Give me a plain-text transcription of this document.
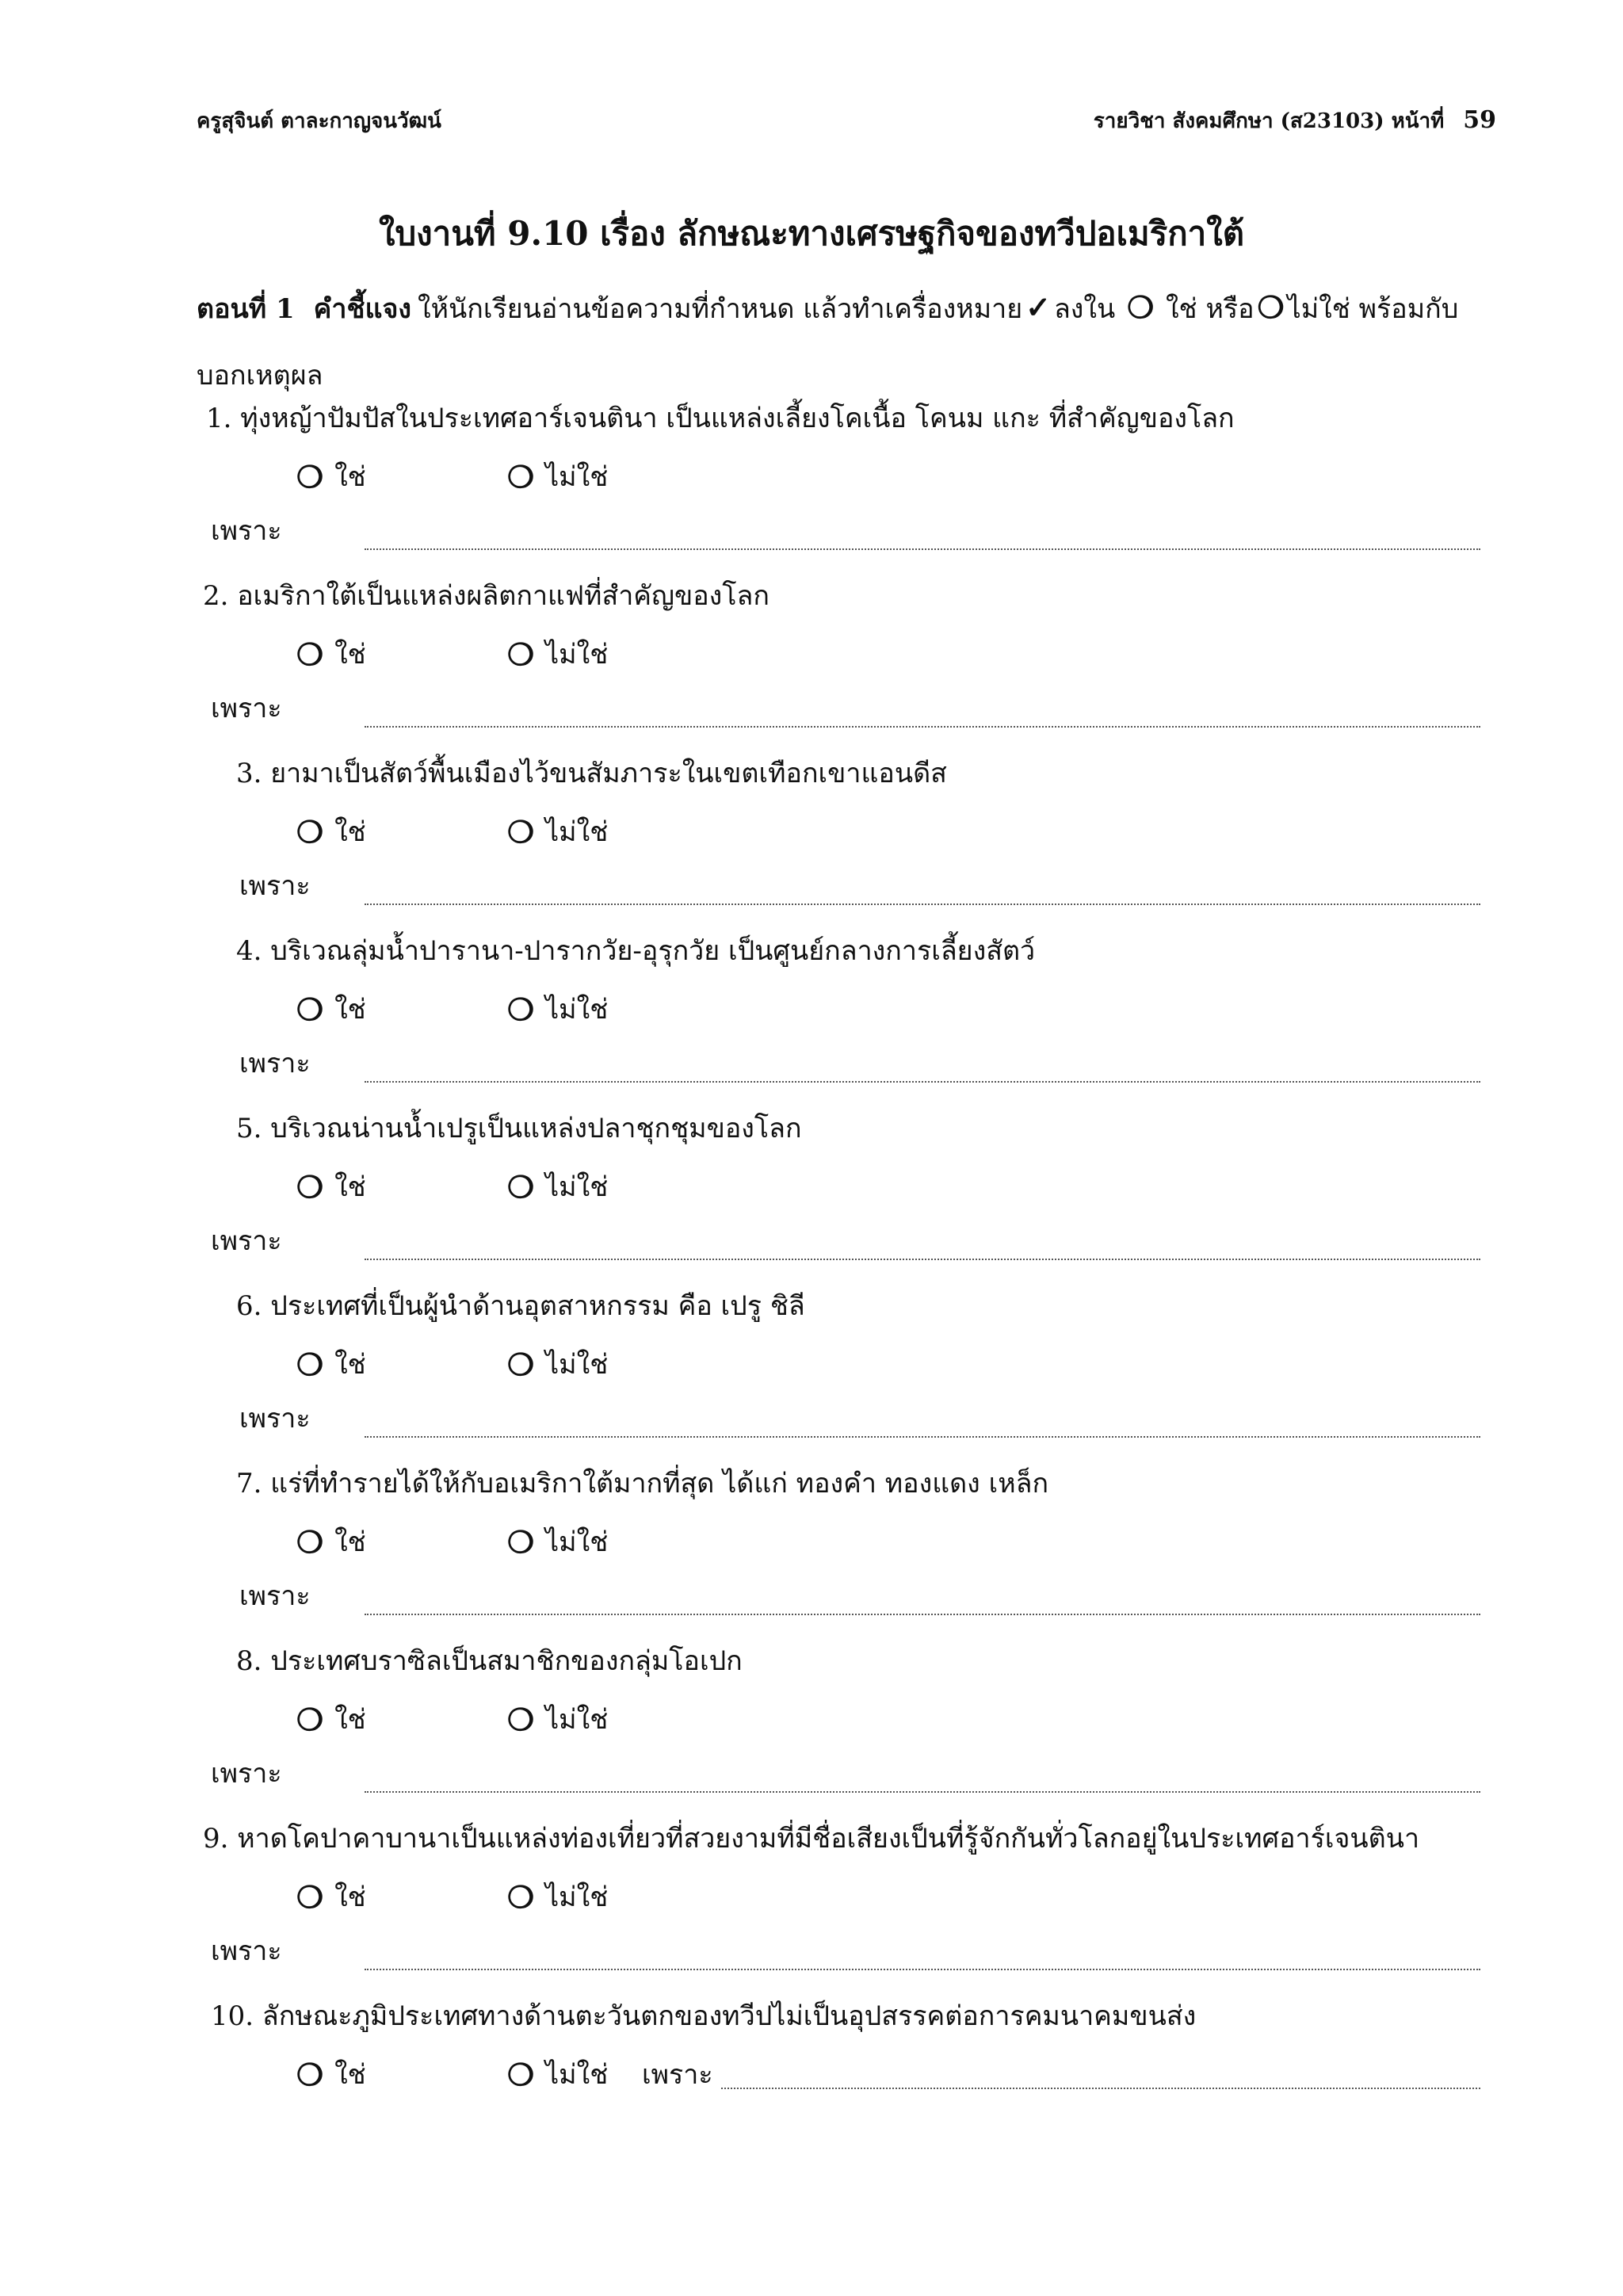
ครูสุจินต์ ตาละกาญจนวัฒน์	รายวิชา สังคมศึกษา (ส23103) หน้าที่ 59
ใบงานที่ 9.10 เรื่อง ลักษณะทางเศรษฐกิจของทวีปอเมริกาใต้
ตอนที่ 1 คำชี้แจง ให้นักเรียนอ่านข้อความที่กำหนด แล้วทำเครื่องหมาย ✓ ลงใน ❍ ใช่ หรือ ❍ ไม่ใช่ พร้อมกับบอกเหตุผล
1. ทุ่งหญ้าปัมปัสในประเทศอาร์เจนตินา เป็นแหล่งเลี้ยงโคเนื้อ โคนม แกะ ที่สำคัญของโลก
❍ ใช่	❍ ไม่ใช่
เพราะ
2. อเมริกาใต้เป็นแหล่งผลิตกาแฟที่สำคัญของโลก
❍ ใช่	❍ ไม่ใช่
เพราะ
3. ยามาเป็นสัตว์พื้นเมืองไว้ขนสัมภาระในเขตเทือกเขาแอนดีส
❍ ใช่	❍ ไม่ใช่
เพราะ
4. บริเวณลุ่มน้ำปารานา-ปารากวัย-อุรุกวัย เป็นศูนย์กลางการเลี้ยงสัตว์
❍ ใช่	❍ ไม่ใช่
เพราะ
5. บริเวณน่านน้ำเปรูเป็นแหล่งปลาชุกชุมของโลก
❍ ใช่	❍ ไม่ใช่
เพราะ
6. ประเทศที่เป็นผู้นำด้านอุตสาหกรรม คือ เปรู ชิลี
❍ ใช่	❍ ไม่ใช่
เพราะ
7. แร่ที่ทำรายได้ให้กับอเมริกาใต้มากที่สุด ได้แก่ ทองคำ ทองแดง เหล็ก
❍ ใช่	❍ ไม่ใช่
เพราะ
8. ประเทศบราซิลเป็นสมาชิกของกลุ่มโอเปก
❍ ใช่	❍ ไม่ใช่
เพราะ
9. หาดโคปาคาบานาเป็นแหล่งท่องเที่ยวที่สวยงามที่มีชื่อเสียงเป็นที่รู้จักกันทั่วโลกอยู่ในประเทศอาร์เจนตินา
❍ ใช่	❍ ไม่ใช่
เพราะ
10. ลักษณะภูมิประเทศทางด้านตะวันตกของทวีปไม่เป็นอุปสรรคต่อการคมนาคมขนส่ง
❍ ใช่	❍ ไม่ใช่ เพราะ
